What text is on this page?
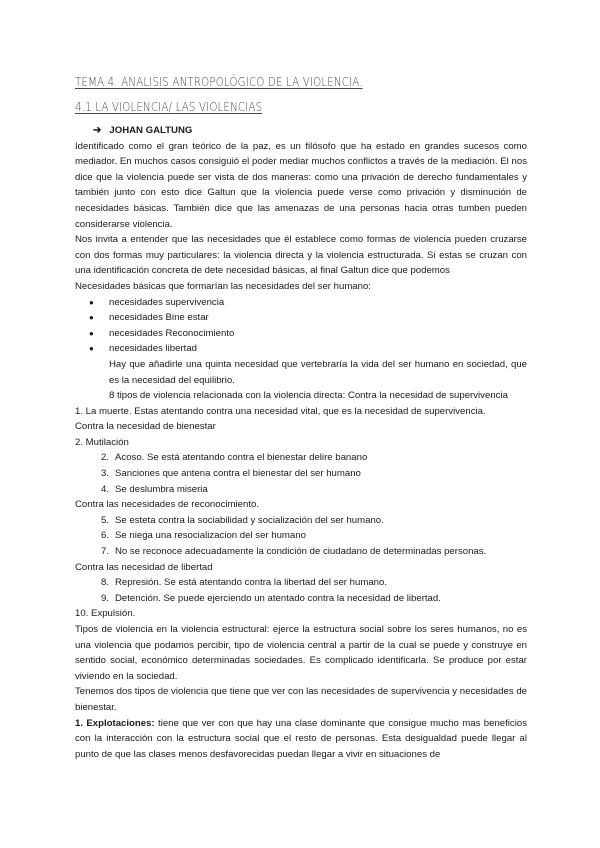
TEMA 4. ANALISIS ANTROPOLÓGICO DE LA VIOLENCIA.
4.1 LA VIOLENCIA/ LAS VIOLENCIAS

➔ JOHAN GALTUNG

Identificado como el gran teórico de la paz, es un filósofo que ha estado en grandes sucesos como mediador. En muchos casos consiguió el poder mediar muchos conflictos a través de la mediación. El nos dice que la violencia puede ser vista de dos maneras: como una privación de derecho fundamentales y también junto con esto dice Galtun que la violencia puede verse como privación y disminución de necesidades básicas. También dice que las amenazas de una personas hacia otras tumben pueden considerarse violencia.

Nos invita a entender que las necesidades que él establece como formas de violencia pueden cruzarse con dos formas muy particulares: la violencia directa y la violencia estructurada. Si estas se cruzan con una identificación concreta de dete necesidad básicas, al final Galtun dice que podemos

Necesidades básicas que formarían las necesidades del ser humano:

● necesidades supervivencia
● necesidades Bine estar
● necesidades Reconocimiento
● necesidades libertad

Hay que añadirle una quinta necesidad que vertebraría la vida del ser humano en sociedad, que es la necesidad del equilibrio.

8 tipos de violencia relacionada con la violencia directa: Contra la necesidad de supervivencia

1. La muerte. Estas atentando contra una necesidad vital, que es la necesidad de supervivencia.

Contra la necesidad de bienestar

2. Mutilación

2. Acoso. Se está atentando contra el bienestar delire banano

3. Sanciones que antena contra el bienestar del ser humano

4. Se deslumbra miseria

Contra las necesidades de reconocimiento.

5. Se esteta contra la sociabilidad y socialización del ser humano.

6. Se niega una resocializacion del ser humano

7. No se reconoce adecuadamente la condición de ciudadano de determinadas personas.

Contra las necesidad de libertad

8. Represión. Se está atentando contra la libertad del ser humano.

9. Detención. Se puede ejerciendo un atentado contra la necesidad de libertad.

10. Expulsión.

Tipos de violencia en la violencia estructural: ejerce la estructura social sobre los seres humanos, no es una violencia que podamos percibir, tipo de violencia central a partir de la cual se puede y construye en sentido social, económico determinadas sociedades. Es complicado identificarla. Se produce por estar viviendo en la sociedad.

Tenemos dos tipos de violencia que tiene que ver con las necesidades de supervivencia y necesidades de bienestar.

1. Explotaciones: tiene que ver con que hay una clase dominante que consigue mucho mas beneficios con la interacción con la estructura social que el resto de personas. Esta desigualdad puede llegar al punto de que las clases menos desfavorecidas puedan llegar a vivir en situaciones de
